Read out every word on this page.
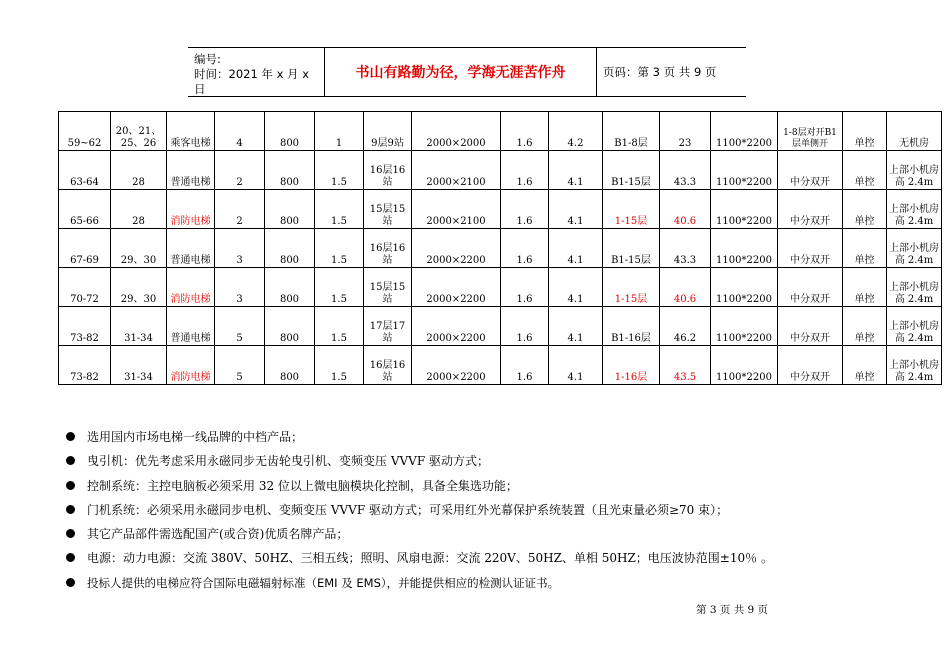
编号:
时间：2021 年 x 月 x 日
书山有路勤为径，学海无涯苦作舟	页码：第 3 页 共 9 页
59~62	20、21、25、26	乘客电梯	4	800	1	9层9站	2000×2000	1.6	4.2	B1-8层	23	1100*2200	1-8层对开B1层单侧开	单控	无机房
63-64	28	普通电梯	2	800	1.5	16层16站	2000×2100	1.6	4.1	B1-15层	43.3	1100*2200	中分双开	单控	上部小机房高 2.4m
65-66	28	消防电梯	2	800	1.5	15层15站	2000×2100	1.6	4.1	1-15层	40.6	1100*2200	中分双开	单控	上部小机房高 2.4m
67-69	29、30	普通电梯	3	800	1.5	16层16站	2000×2200	1.6	4.1	B1-15层	43.3	1100*2200	中分双开	单控	上部小机房高 2.4m
70-72	29、30	消防电梯	3	800	1.5	15层15站	2000×2200	1.6	4.1	1-15层	40.6	1100*2200	中分双开	单控	上部小机房高 2.4m
73-82	31-34	普通电梯	5	800	1.5	17层17站	2000×2200	1.6	4.1	B1-16层	46.2	1100*2200	中分双开	单控	上部小机房高 2.4m
73-82	31-34	消防电梯	5	800	1.5	16层16站	2000×2200	1.6	4.1	1-16层	43.5	1100*2200	中分双开	单控	上部小机房高 2.4m
选用国内市场电梯一线品牌的中档产品；
曳引机：优先考虑采用永磁同步无齿轮曳引机、变频变压 VVVF 驱动方式；
控制系统：主控电脑板必须采用 32 位以上微电脑模块化控制，具备全集选功能；
门机系统：必须采用永磁同步电机、变频变压 VVVF 驱动方式；可采用红外光幕保护系统装置（且光束量必须≥70 束）；
其它产品部件需选配国产(或合资)优质名牌产品；
电源：动力电源：交流 380V、50HZ、三相五线；照明、风扇电源：交流 220V、50HZ、单相 50HZ；电压波协范围±10％ 。
投标人提供的电梯应符合国际电磁辐射标准（EMI 及 EMS），并能提供相应的检测认证证书。
第 3 页 共 9 页
